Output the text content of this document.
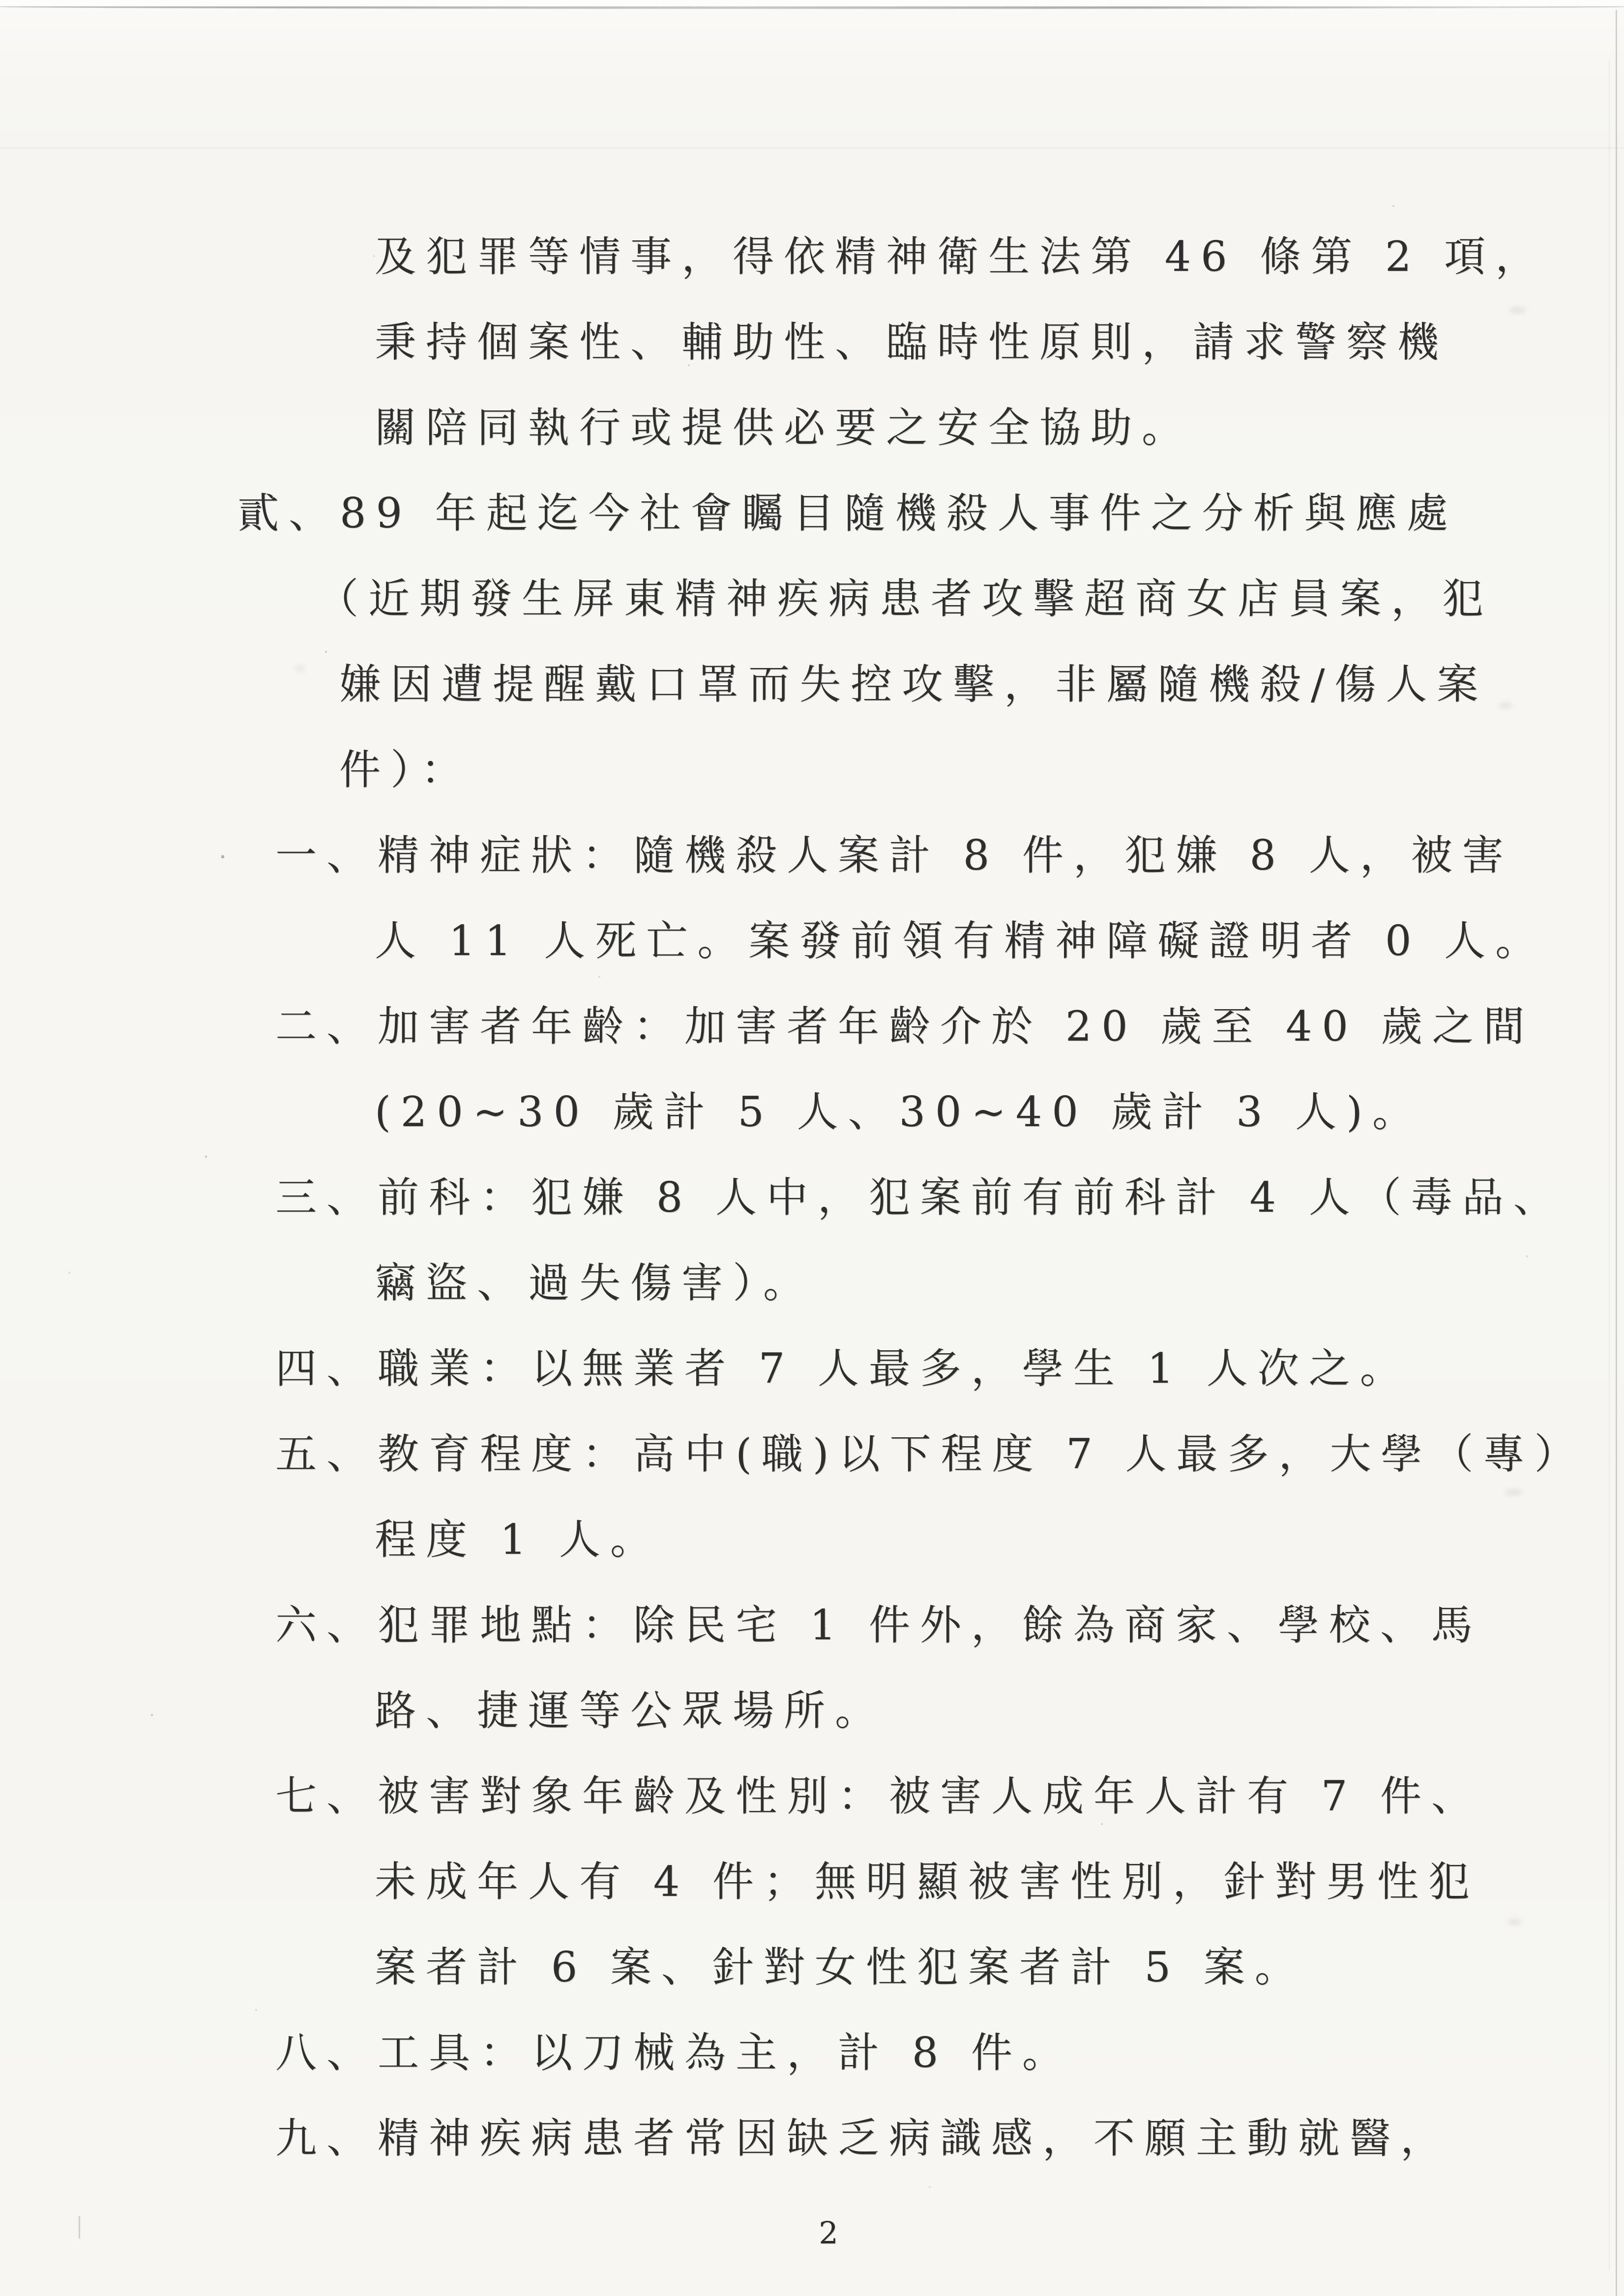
及犯罪等情事，得依精神衛生法第 46 條第 2 項，
秉持個案性、輔助性、臨時性原則，請求警察機
關陪同執行或提供必要之安全協助。
貳、89 年起迄今社會矚目隨機殺人事件之分析與應處
（近期發生屏東精神疾病患者攻擊超商女店員案，犯
嫌因遭提醒戴口罩而失控攻擊，非屬隨機殺/傷人案
件）：
一、精神症狀：隨機殺人案計 8 件，犯嫌 8 人，被害
人 11 人死亡。案發前領有精神障礙證明者 0 人。
二、加害者年齡：加害者年齡介於 20 歲至 40 歲之間
(20~30 歲計 5 人、30~40 歲計 3 人)。
三、前科：犯嫌 8 人中，犯案前有前科計 4 人（毒品、
竊盜、過失傷害）。
四、職業：以無業者 7 人最多，學生 1 人次之。
五、教育程度：高中(職)以下程度 7 人最多，大學（專）
程度 1 人。
六、犯罪地點：除民宅 1 件外，餘為商家、學校、馬
路、捷運等公眾場所。
七、被害對象年齡及性別：被害人成年人計有 7 件、
未成年人有 4 件；無明顯被害性別，針對男性犯
案者計 6 案、針對女性犯案者計 5 案。
八、工具：以刀械為主，計 8 件。
九、精神疾病患者常因缺乏病識感，不願主動就醫，
2
